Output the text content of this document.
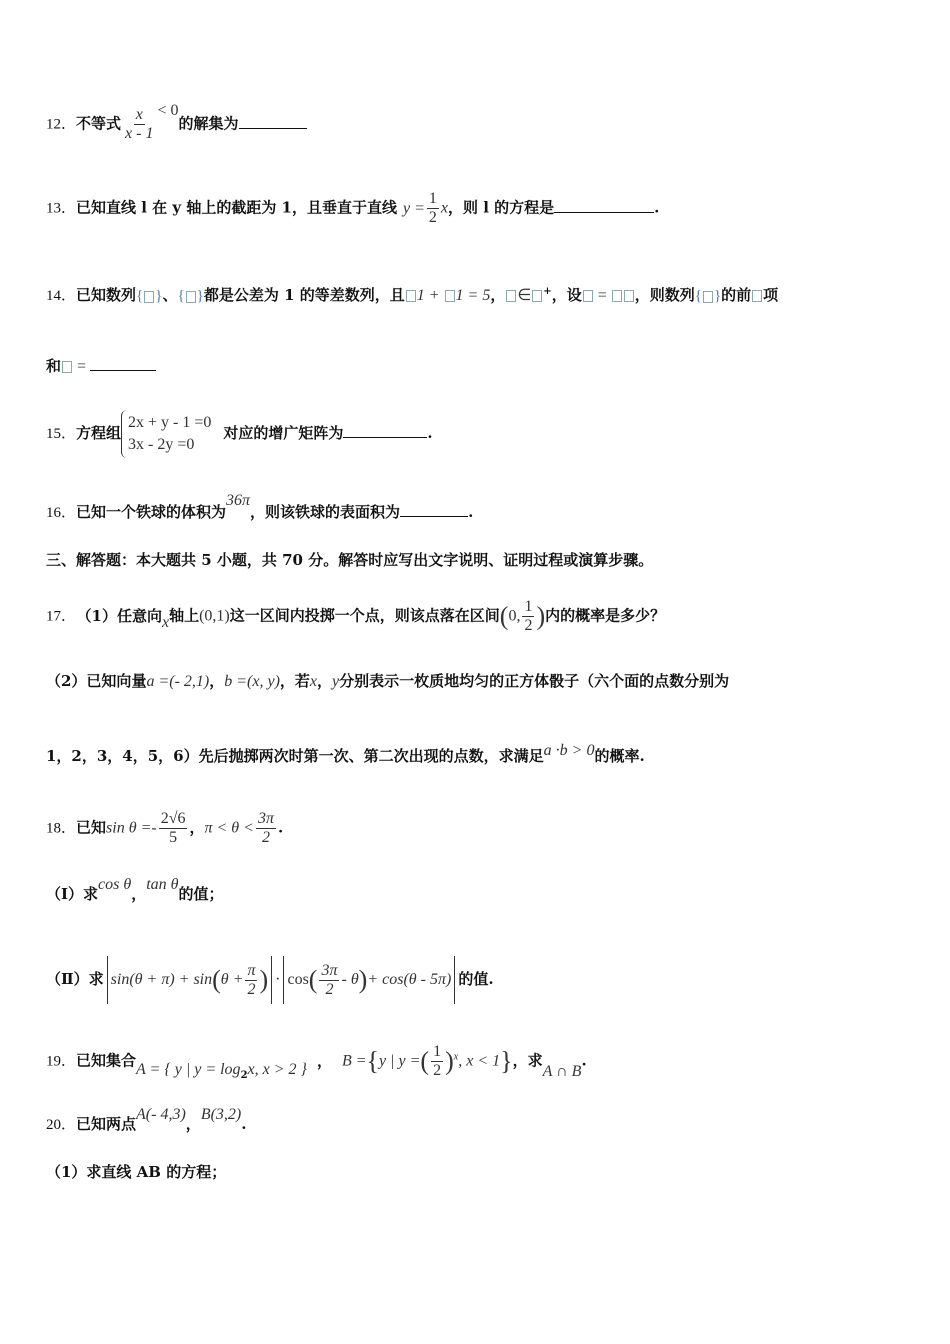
12．不等式 $\frac{x}{x - 1} < 0$的解集为
13．已知直线 l 在 y 轴上的截距为 1，且垂直于直线 $y = \frac{1}{2}$ x，则 l 的方程是	.
14．已知数列{ }、{ }都是公差为 1 的等差数列，且 1 + 1 = 5， ∈ +，设 = ，则数列{ }的前 项
和 =
15．方程组
2x + y - 1 =0
3x - 2y =0
对应的增广矩阵为	.
16．已知一个铁球的体积为36π，则该铁球的表面积为	.
三、解答题：本大题共 5 小题，共 70 分。解答时应写出文字说明、证明过程或演算步骤。
17． （1）任意向x轴上(0,1)这一区间内投掷一个点，则该点落在区间(0, $\frac{1}{2}$ )内的概率是多少？
（2）已知向量a =(- 2,1)，b =(x, y)，若x，y分别表示一枚质地均匀的正方体骰子（六个面的点数分别为
1，2，3，4，5，6）先后抛掷两次时第一次、第二次出现的点数，求满足a ·b > 0的概率.
18．已知$\sin \theta =- \frac{2√6}{5}$ ，$\pi < \theta < \frac{3\pi}{2}$ .
（Ⅰ）求cos θ，tan θ的值；
（Ⅱ）求 $\sin(\theta + \pi) + \sin(\theta + \frac{\pi}{2}$ ) · $\cos( \frac{3\pi}{2} - \theta)+ \cos(\theta - 5\pi)$ 的值.
19．已知集合A = { y | $y = \log_2x$, x > 2 } ， B ={y | y =( $\frac{1}{2} )^x$, x < 1}，求A ∩ B.
20．已知两点A(- 4,3)，B(3,2).
（1）求直线 AB 的方程；
